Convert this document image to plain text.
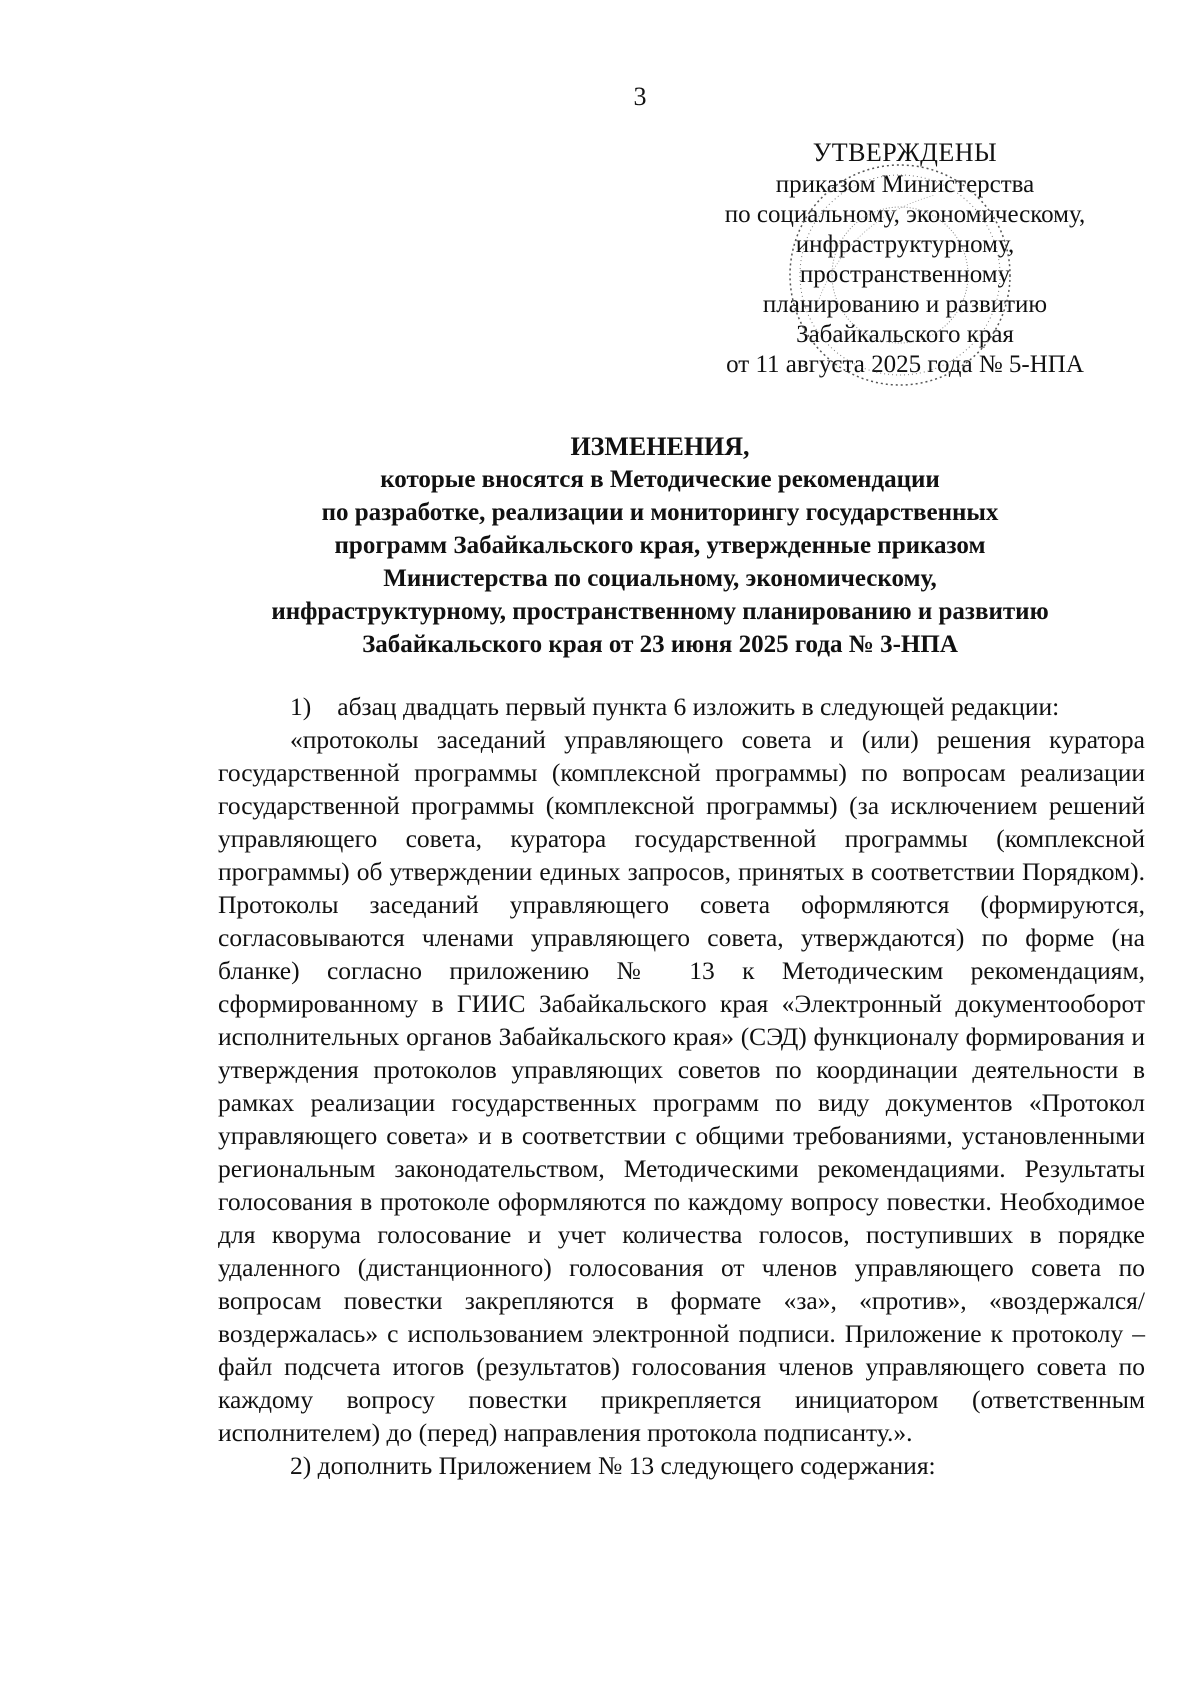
3
УТВЕРЖДЕНЫ
приказом Министерства
по социальному, экономическому,
инфраструктурному,
пространственному
планированию и развитию
Забайкальского края
от 11 августа 2025 года № 5-НПА
ИЗМЕНЕНИЯ,
которые вносятся в Методические рекомендации
по разработке, реализации и мониторингу государственных
программ Забайкальского края, утвержденные приказом
Министерства по социальному, экономическому,
инфраструктурному, пространственному планированию и развитию
Забайкальского края от 23 июня 2025 года № 3-НПА

1) абзац двадцать первый пункта 6 изложить в следующей редакции:

«протоколы заседаний управляющего совета и (или) решения куратора государственной программы (комплексной программы) по вопросам реализации государственной программы (комплексной программы) (за исключением решений управляющего совета, куратора государственной программы (комплексной программы) об утверждении единых запросов, принятых в соответствии Порядком). Протоколы заседаний управляющего совета оформляются (формируются, согласовываются членами управляющего совета, утверждаются) по форме (на бланке) согласно приложению № 13 к Методическим рекомендациям, сформированному в ГИИС Забайкальского края «Электронный документооборот исполнительных органов Забайкальского края» (СЭД) функционалу формирования и утверждения протоколов управляющих советов по координации деятельности в рамках реализации государственных программ по виду документов «Протокол управляющего совета» и в соответствии с общими требованиями, установленными региональным законодательством, Методическими рекомендациями. Результаты голосования в протоколе оформляются по каждому вопросу повестки. Необходимое для кворума голосование и учет количества голосов, поступивших в порядке удаленного (дистанционного) голосования от членов управляющего совета по вопросам повестки закрепляются в формате «за», «против», «воздержался/воздержалась» с использованием электронной подписи. Приложение к протоколу – файл подсчета итогов (результатов) голосования членов управляющего совета по каждому вопросу повестки прикрепляется инициатором (ответственным исполнителем) до (перед) направления протокола подписанту.».

2) дополнить Приложением № 13 следующего содержания:
